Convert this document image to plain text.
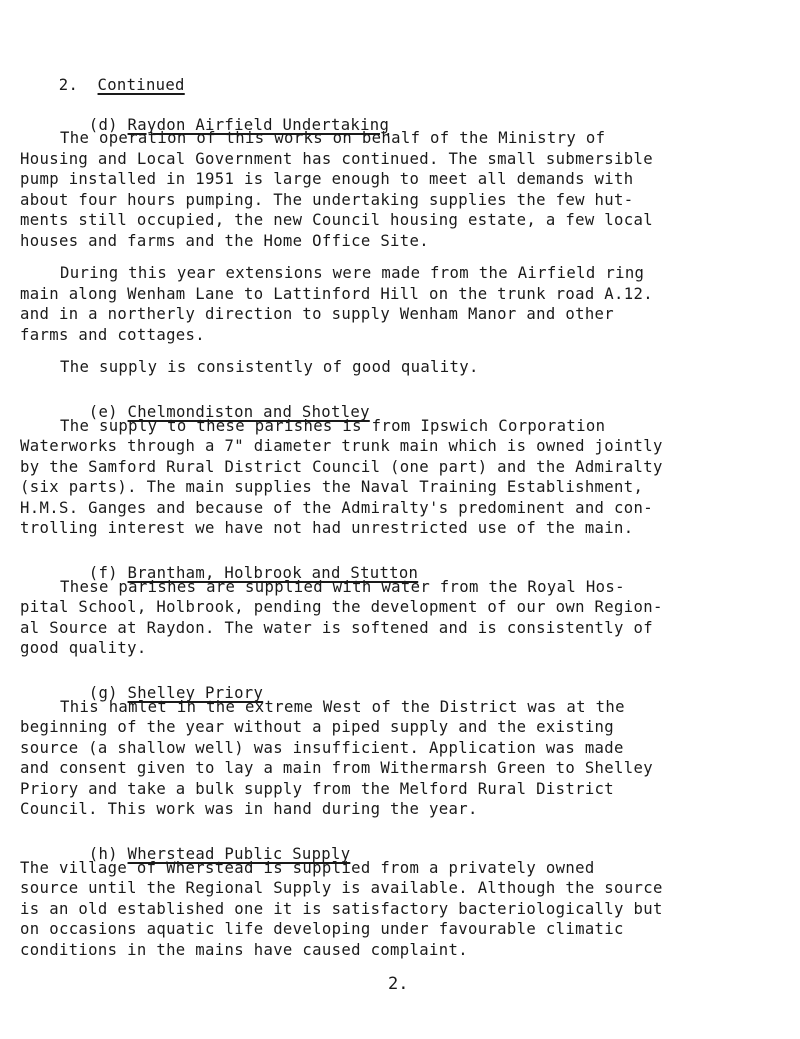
2. Continued

(d) Raydon Airfield Undertaking

The operation of this works on behalf of the Ministry of
Housing and Local Government has continued. The small submersible
pump installed in 1951 is large enough to meet all demands with
about four hours pumping. The undertaking supplies the few hut-
ments still occupied, the new Council housing estate, a few local
houses and farms and the Home Office Site.
During this year extensions were made from the Airfield ring
main along Wenham Lane to Lattinford Hill on the trunk road A.12.
and in a northerly direction to supply Wenham Manor and other
farms and cottages.
The supply is consistently of good quality.

(e) Chelmondiston and Shotley

The supply to these parishes is from Ipswich Corporation
Waterworks through a 7" diameter trunk main which is owned jointly
by the Samford Rural District Council (one part) and the Admiralty
(six parts). The main supplies the Naval Training Establishment,
H.M.S. Ganges and because of the Admiralty's predominent and con-
trolling interest we have not had unrestricted use of the main.

(f) Brantham, Holbrook and Stutton

These parishes are supplied with water from the Royal Hos-
pital School, Holbrook, pending the development of our own Region-
al Source at Raydon. The water is softened and is consistently of
good quality.

(g) Shelley Priory

This hamlet in the extreme West of the District was at the
beginning of the year without a piped supply and the existing
source (a shallow well) was insufficient. Application was made
and consent given to lay a main from Withermarsh Green to Shelley
Priory and take a bulk supply from the Melford Rural District
Council. This work was in hand during the year.

(h) Wherstead Public Supply

The village of Wherstead is supplied from a privately owned
source until the Regional Supply is available. Although the source
is an old established one it is satisfactory bacteriologically but
on occasions aquatic life developing under favourable climatic
conditions in the mains have caused complaint.
2.
